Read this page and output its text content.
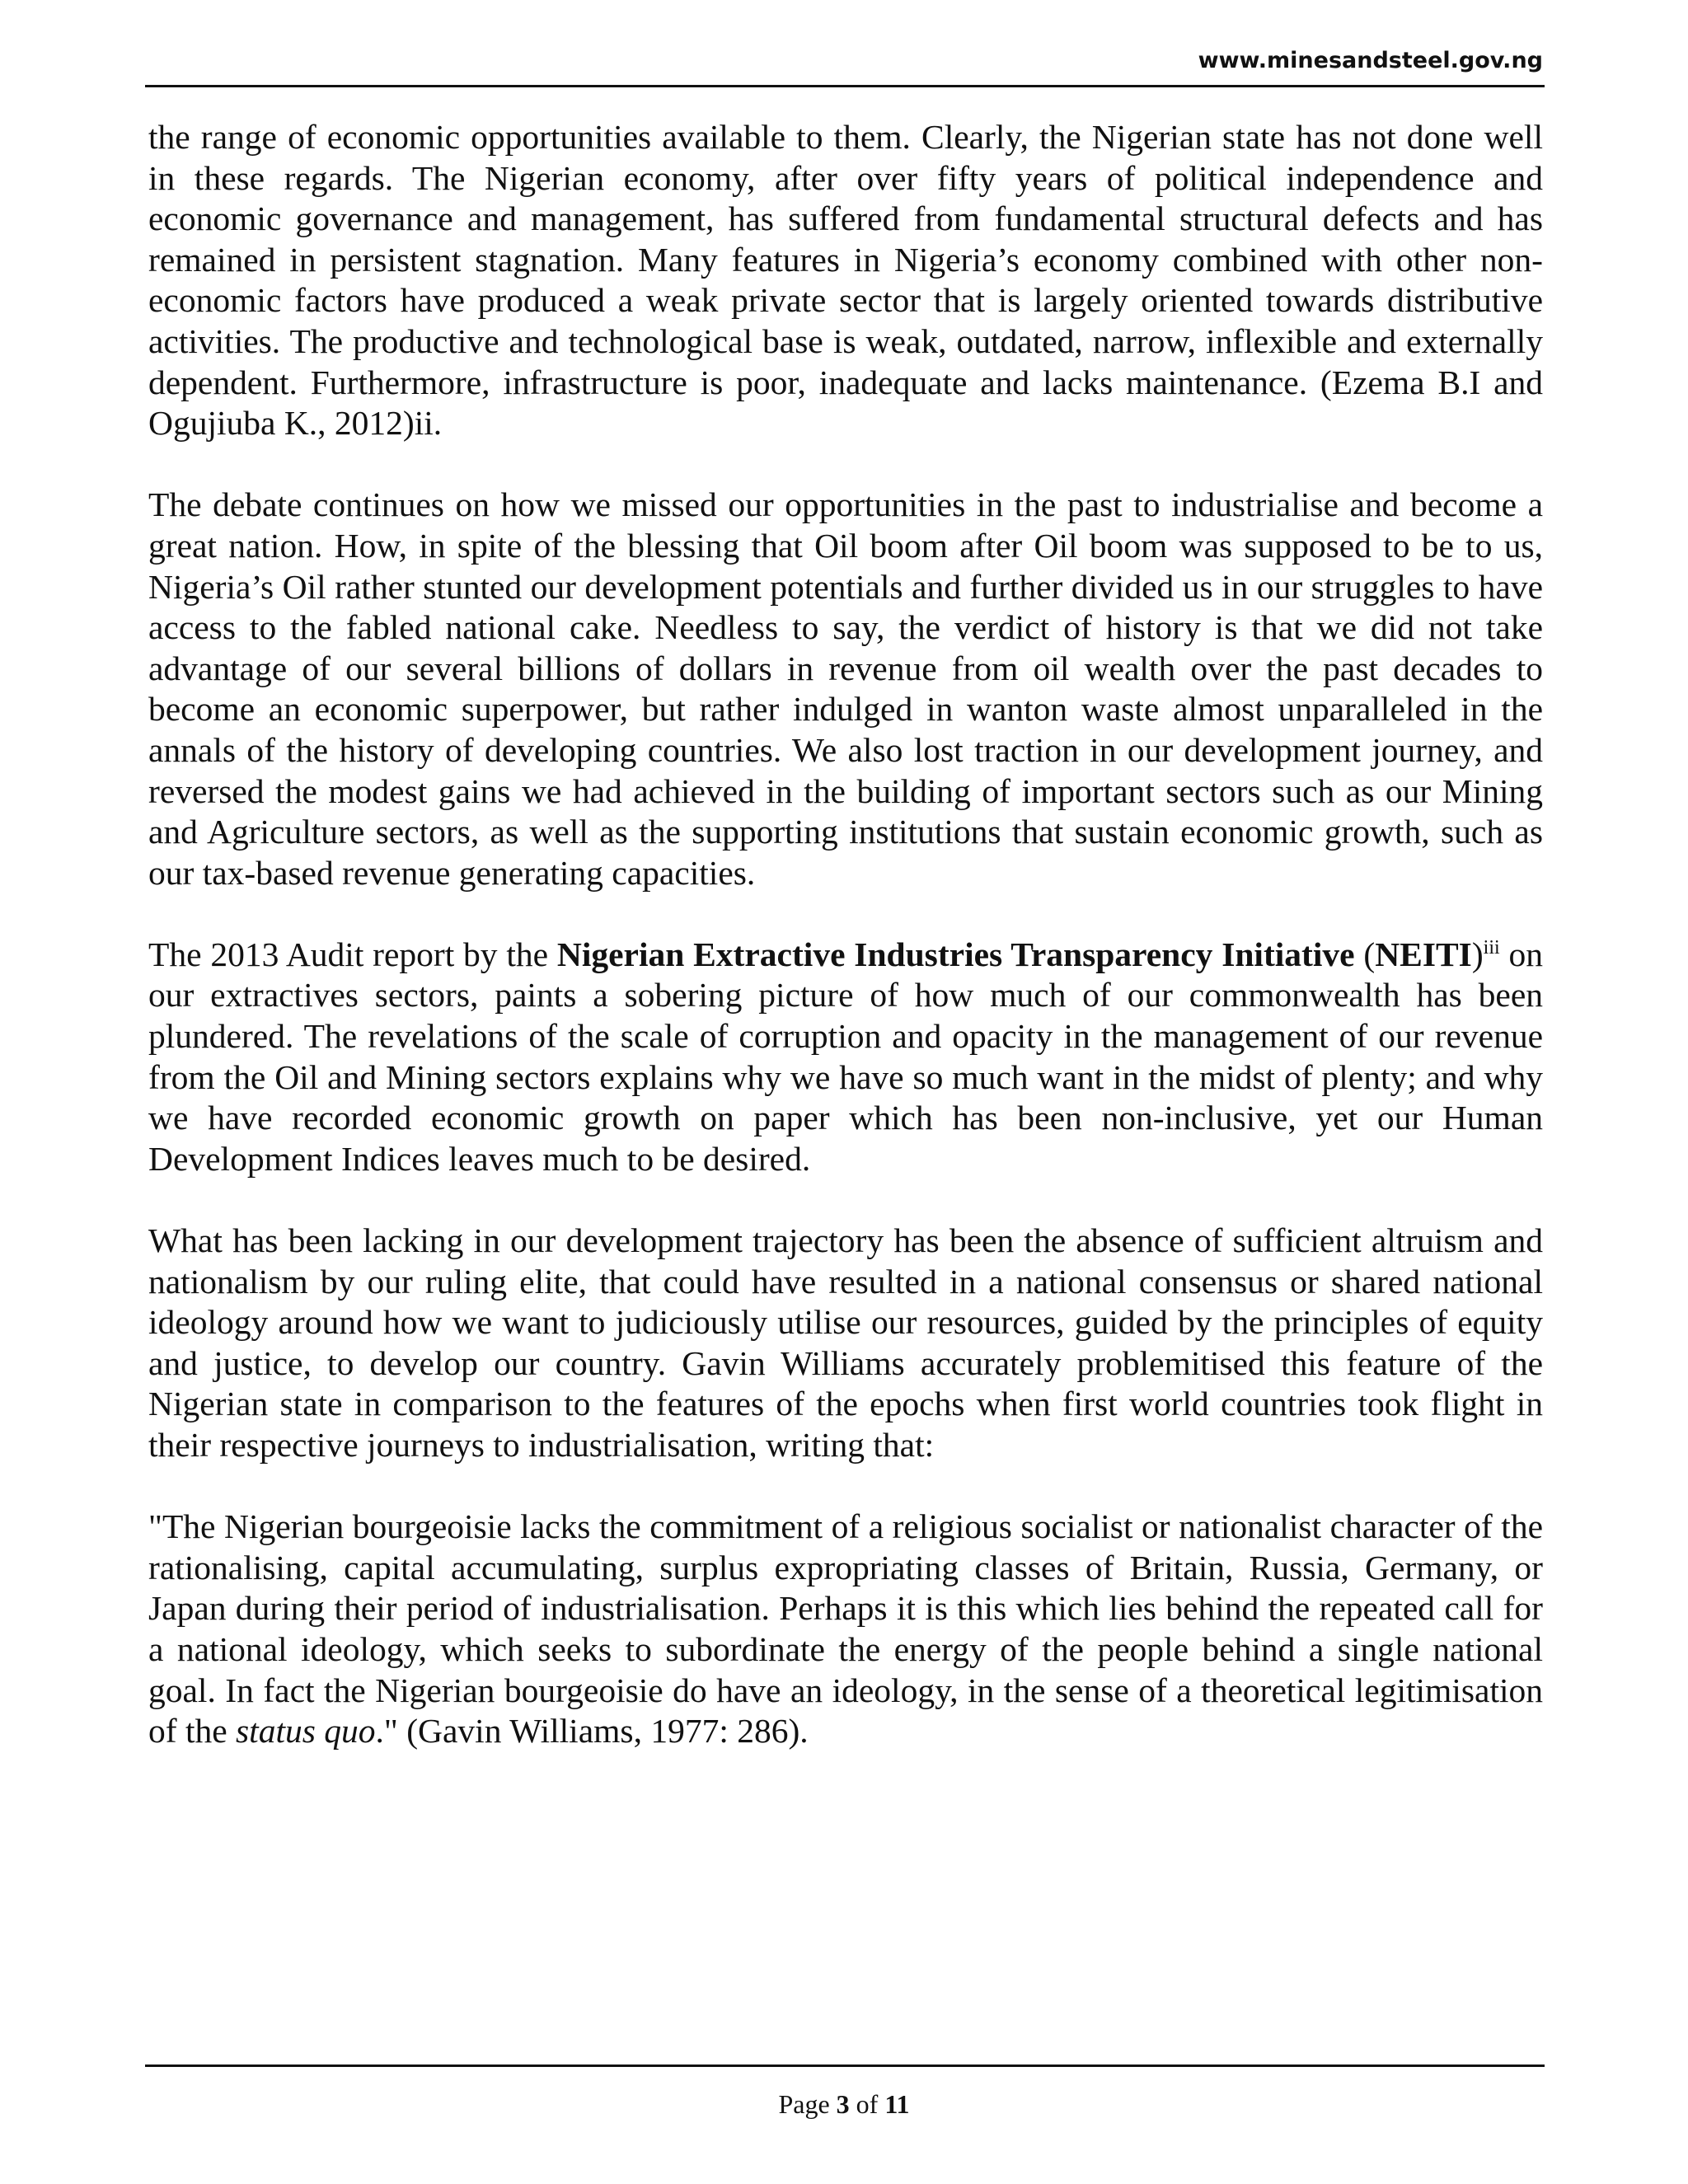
www.minesandsteel.gov.ng

the range of economic opportunities available to them. Clearly, the Nigerian state has not done well in these regards. The Nigerian economy, after over fifty years of political independence and economic governance and management, has suffered from fundamental structural defects and has remained in persistent stagnation. Many features in Nigeria’s economy combined with other non-economic factors have produced a weak private sector that is largely oriented towards distributive activities. The productive and technological base is weak, outdated, narrow, inflexible and externally dependent. Furthermore, infrastructure is poor, inadequate and lacks maintenance. (Ezema B.I and Ogujiuba K., 2012)ii.

The debate continues on how we missed our opportunities in the past to industrialise and become a great nation. How, in spite of the blessing that Oil boom after Oil boom was supposed to be to us, Nigeria’s Oil rather stunted our development potentials and further divided us in our struggles to have access to the fabled national cake. Needless to say, the verdict of history is that we did not take advantage of our several billions of dollars in revenue from oil wealth over the past decades to become an economic superpower, but rather indulged in wanton waste almost unparalleled in the annals of the history of developing countries. We also lost traction in our development journey, and reversed the modest gains we had achieved in the building of important sectors such as our Mining and Agriculture sectors, as well as the supporting institutions that sustain economic growth, such as our tax-based revenue generating capacities.

The 2013 Audit report by the Nigerian Extractive Industries Transparency Initiative (NEITI)$^{iii}$ on our extractives sectors, paints a sobering picture of how much of our commonwealth has been plundered. The revelations of the scale of corruption and opacity in the management of our revenue from the Oil and Mining sectors explains why we have so much want in the midst of plenty; and why we have recorded economic growth on paper which has been non-inclusive, yet our Human Development Indices leaves much to be desired.

What has been lacking in our development trajectory has been the absence of sufficient altruism and nationalism by our ruling elite, that could have resulted in a national consensus or shared national ideology around how we want to judiciously utilise our resources, guided by the principles of equity and justice, to develop our country. Gavin Williams accurately problemitised this feature of the Nigerian state in comparison to the features of the epochs when first world countries took flight in their respective journeys to industrialisation, writing that:

"The Nigerian bourgeoisie lacks the commitment of a religious socialist or nationalist character of the rationalising, capital accumulating, surplus expropriating classes of Britain, Russia, Germany, or Japan during their period of industrialisation. Perhaps it is this which lies behind the repeated call for a national ideology, which seeks to subordinate the energy of the people behind a single national goal. In fact the Nigerian bourgeoisie do have an ideology, in the sense of a theoretical legitimisation of the status quo." (Gavin Williams, 1977: 286).

Page 3 of 11
